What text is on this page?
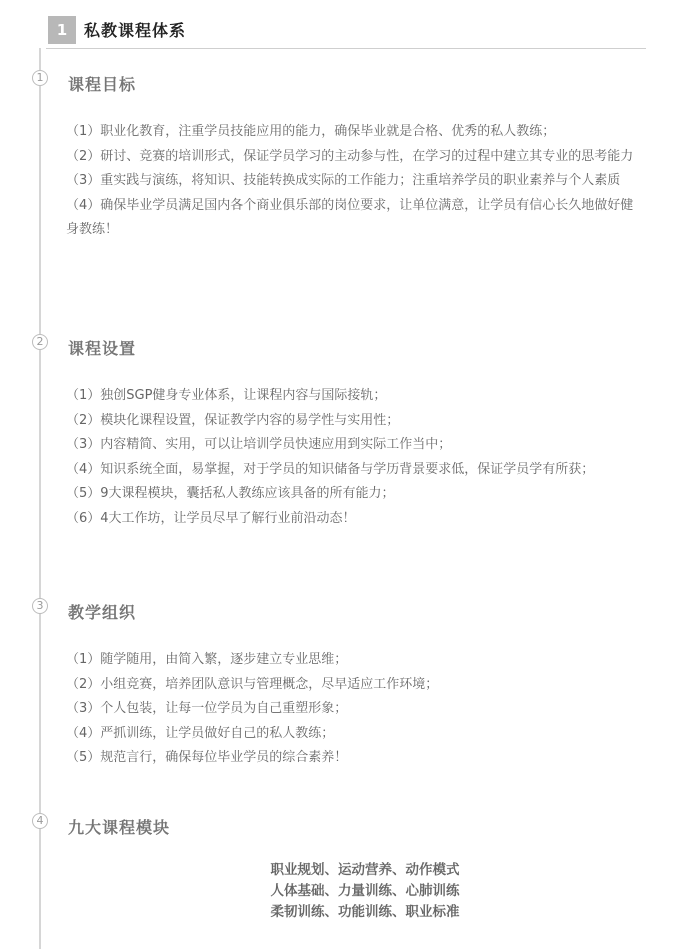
1	私教课程体系
1 课程目标
（1）职业化教育，注重学员技能应用的能力，确保毕业就是合格、优秀的私人教练；
（2）研讨、竞赛的培训形式，保证学员学习的主动参与性，在学习的过程中建立其专业的思考能力
（3）重实践与演练，将知识、技能转换成实际的工作能力；注重培养学员的职业素养与个人素质
（4）确保毕业学员满足国内各个商业俱乐部的岗位要求，让单位满意，让学员有信心长久地做好健身教练！
2 课程设置
（1）独创SGP健身专业体系，让课程内容与国际接轨；
（2）模块化课程设置，保证教学内容的易学性与实用性；
（3）内容精简、实用，可以让培训学员快速应用到实际工作当中；
（4）知识系统全面，易掌握，对于学员的知识储备与学历背景要求低，保证学员学有所获；
（5）9大课程模块，囊括私人教练应该具备的所有能力；
（6）4大工作坊，让学员尽早了解行业前沿动态！
3 教学组织
（1）随学随用，由简入繁，逐步建立专业思维；
（2）小组竞赛，培养团队意识与管理概念，尽早适应工作环境；
（3）个人包装，让每一位学员为自己重塑形象；
（4）严抓训练，让学员做好自己的私人教练；
（5）规范言行，确保每位毕业学员的综合素养！
4 九大课程模块
职业规划、运动营养、动作模式
人体基础、力量训练、心肺训练
柔韧训练、功能训练、职业标准
